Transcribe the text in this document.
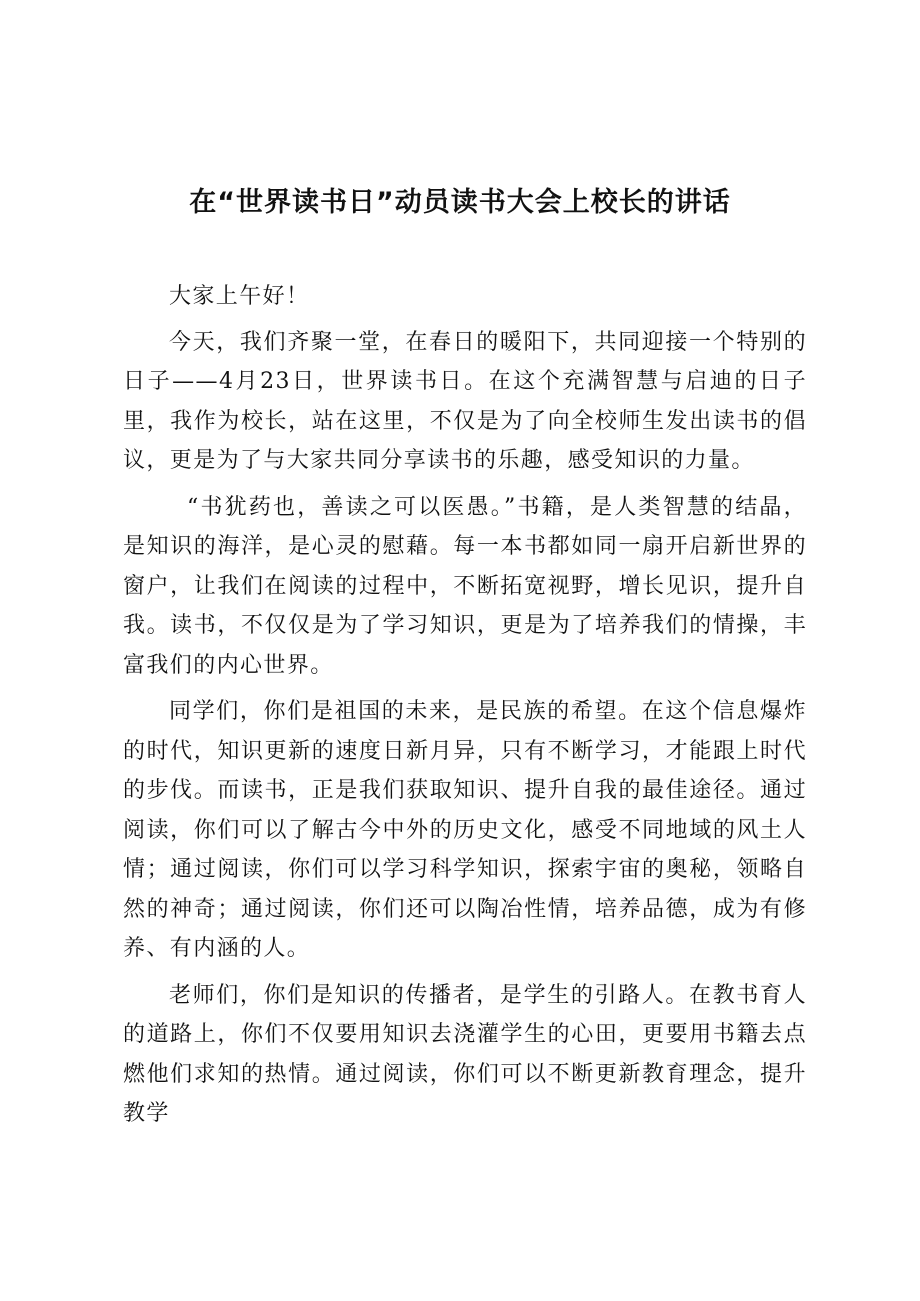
在“世界读书日”动员读书大会上校长的讲话

大家上午好！

今天，我们齐聚一堂，在春日的暖阳下，共同迎接一个特别的日子——4月23日，世界读书日。在这个充满智慧与启迪的日子里，我作为校长，站在这里，不仅是为了向全校师生发出读书的倡议，更是为了与大家共同分享读书的乐趣，感受知识的力量。

“书犹药也，善读之可以医愚。”书籍，是人类智慧的结晶，是知识的海洋，是心灵的慰藉。每一本书都如同一扇开启新世界的窗户，让我们在阅读的过程中，不断拓宽视野，增长见识，提升自我。读书，不仅仅是为了学习知识，更是为了培养我们的情操，丰富我们的内心世界。

同学们，你们是祖国的未来，是民族的希望。在这个信息爆炸的时代，知识更新的速度日新月异，只有不断学习，才能跟上时代的步伐。而读书，正是我们获取知识、提升自我的最佳途径。通过阅读，你们可以了解古今中外的历史文化，感受不同地域的风土人情；通过阅读，你们可以学习科学知识，探索宇宙的奥秘，领略自然的神奇；通过阅读，你们还可以陶冶性情，培养品德，成为有修养、有内涵的人。

老师们，你们是知识的传播者，是学生的引路人。在教书育人的道路上，你们不仅要用知识去浇灌学生的心田，更要用书籍去点燃他们求知的热情。通过阅读，你们可以不断更新教育理念，提升教学
